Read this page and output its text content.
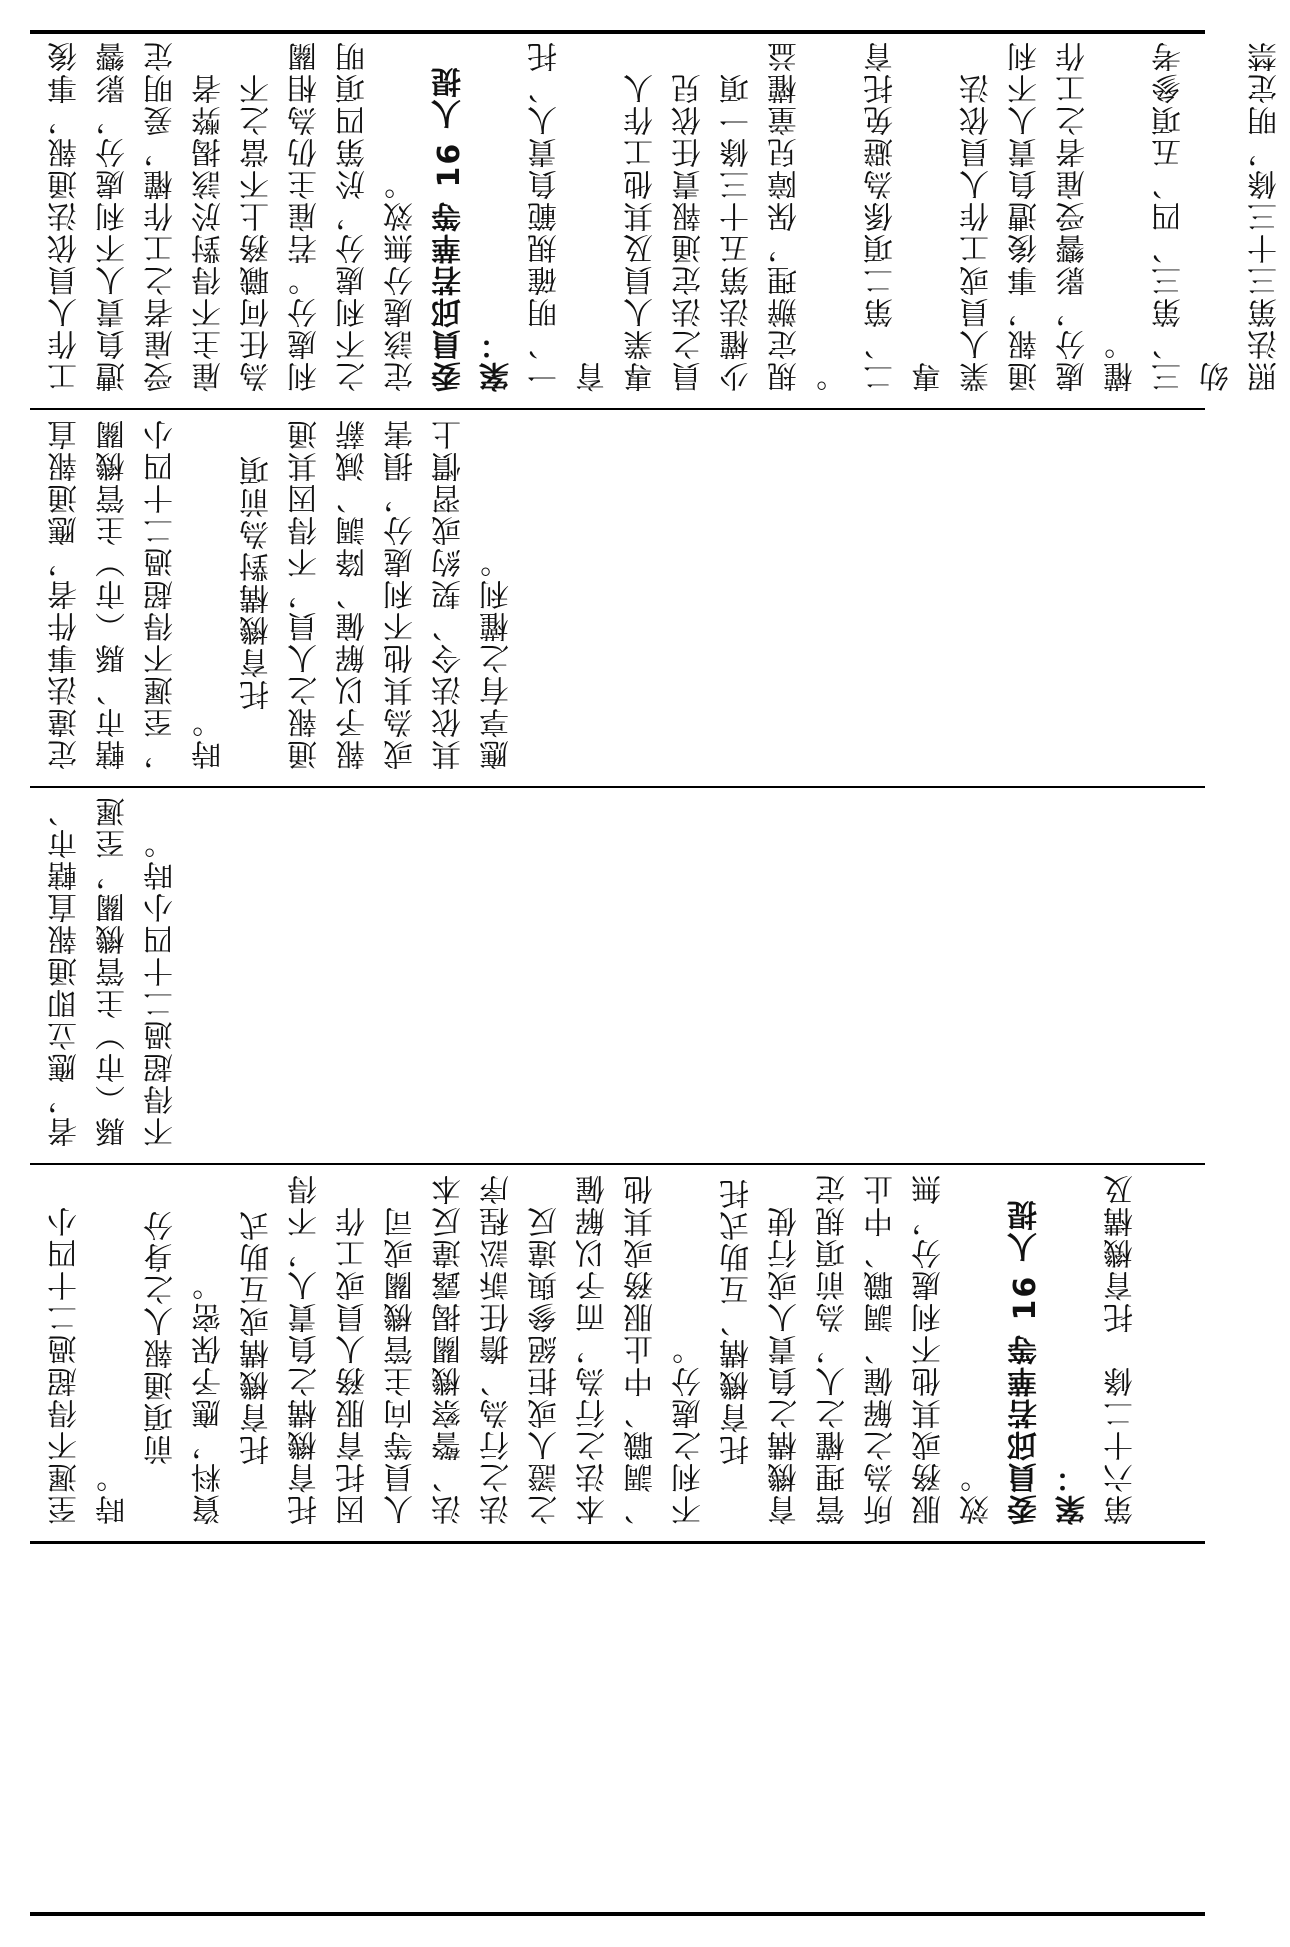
工作人員依法通報，事後 遭負責人不利處分，影響 受雇者之工作權，爰明定 雇主不得對於該揭弊者 為任何職務上不當之不 利處分。若雇主仍為相關 之不利處分，於第四項明 定該處分無效。 委員邱若華等 16 人提案： 一、明確規範負責人、托育 專業人員及其他工作人 員之法定通報責任依兒 少權法第五十三條一項 規定辦理，保障兒童權益 。 二、第二項係為避免托育專 業人員或工作人員依法 通報，事後遭負責人不利 處分，影響受雇者之工作 權。 三、第三、四、五項參考幼 照法第三十三條，明定禁
定違法事件者，應通報直 轄市、縣（市）主管機關 ，至遲不得超過二十四小 時。
托育機構對為前項 通報之人員，不得因其通 報予以解僱、降調、減薪 或為其他不利處分，損害 其依法令、契約或習慣上 應享有之權利。
者，應立即通報直轄市、 縣（市）主管機關，至遲 不得超過二十四小時。
至遲不得超過二十四小 時。
前項通報人之身分 資料，應予保密。 托育機構或互助式 托育機構之負責人，不得 因托育服務人員或工作 人員等向主管機關或司 法、警察機關揭露違反本 法之行為、擔任訴訟程序 之證人或拒絕參與違反 本法之行為，而予以解僱 、調職、中止服務或其他 不利之處分。 托育機構、互助式托 育機構之負責人或行使 管理權之人，為前項規定 所為之解僱、調職、中止 服務或其他不利處分，無 效。 委員邱若華等 16 人提案： 第六十二條　托育機構及
